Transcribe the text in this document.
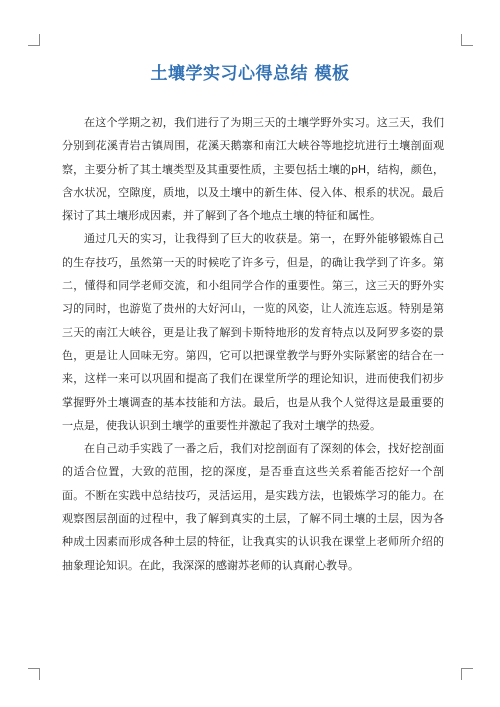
土壤学实习心得总结 模板

在这个学期之初，我们进行了为期三天的土壤学野外实习。这三天，我们分别到花溪青岩古镇周围，花溪天鹅寨和南江大峡谷等地挖坑进行土壤剖面观察，主要分析了其土壤类型及其重要性质，主要包括土壤的pH，结构，颜色，含水状况，空隙度，质地，以及土壤中的新生体、侵入体、根系的状况。最后探讨了其土壤形成因素，并了解到了各个地点土壤的特征和属性。

通过几天的实习，让我得到了巨大的收获是。第一，在野外能够锻炼自己的生存技巧，虽然第一天的时候吃了许多亏，但是，的确让我学到了许多。第二，懂得和同学老师交流，和小组同学合作的重要性。第三，这三天的野外实习的同时，也游览了贵州的大好河山，一览的风姿，让人流连忘返。特别是第三天的南江大峡谷，更是让我了解到卡斯特地形的发育特点以及阿罗多姿的景色，更是让人回味无穷。第四，它可以把课堂教学与野外实际紧密的结合在一来，这样一来可以巩固和提高了我们在课堂所学的理论知识，进而使我们初步掌握野外土壤调查的基本技能和方法。最后，也是从我个人觉得这是最重要的一点是，使我认识到土壤学的重要性并激起了我对土壤学的热爱。

在自己动手实践了一番之后，我们对挖剖面有了深刻的体会，找好挖剖面的适合位置，大致的范围，挖的深度，是否垂直这些关系着能否挖好一个剖面。不断在实践中总结技巧，灵活运用，是实践方法，也锻炼学习的能力。在观察图层剖面的过程中，我了解到真实的土层，了解不同土壤的土层，因为各种成土因素而形成各种土层的特征，让我真实的认识我在课堂上老师所介绍的抽象理论知识。在此，我深深的感谢苏老师的认真耐心教导。
